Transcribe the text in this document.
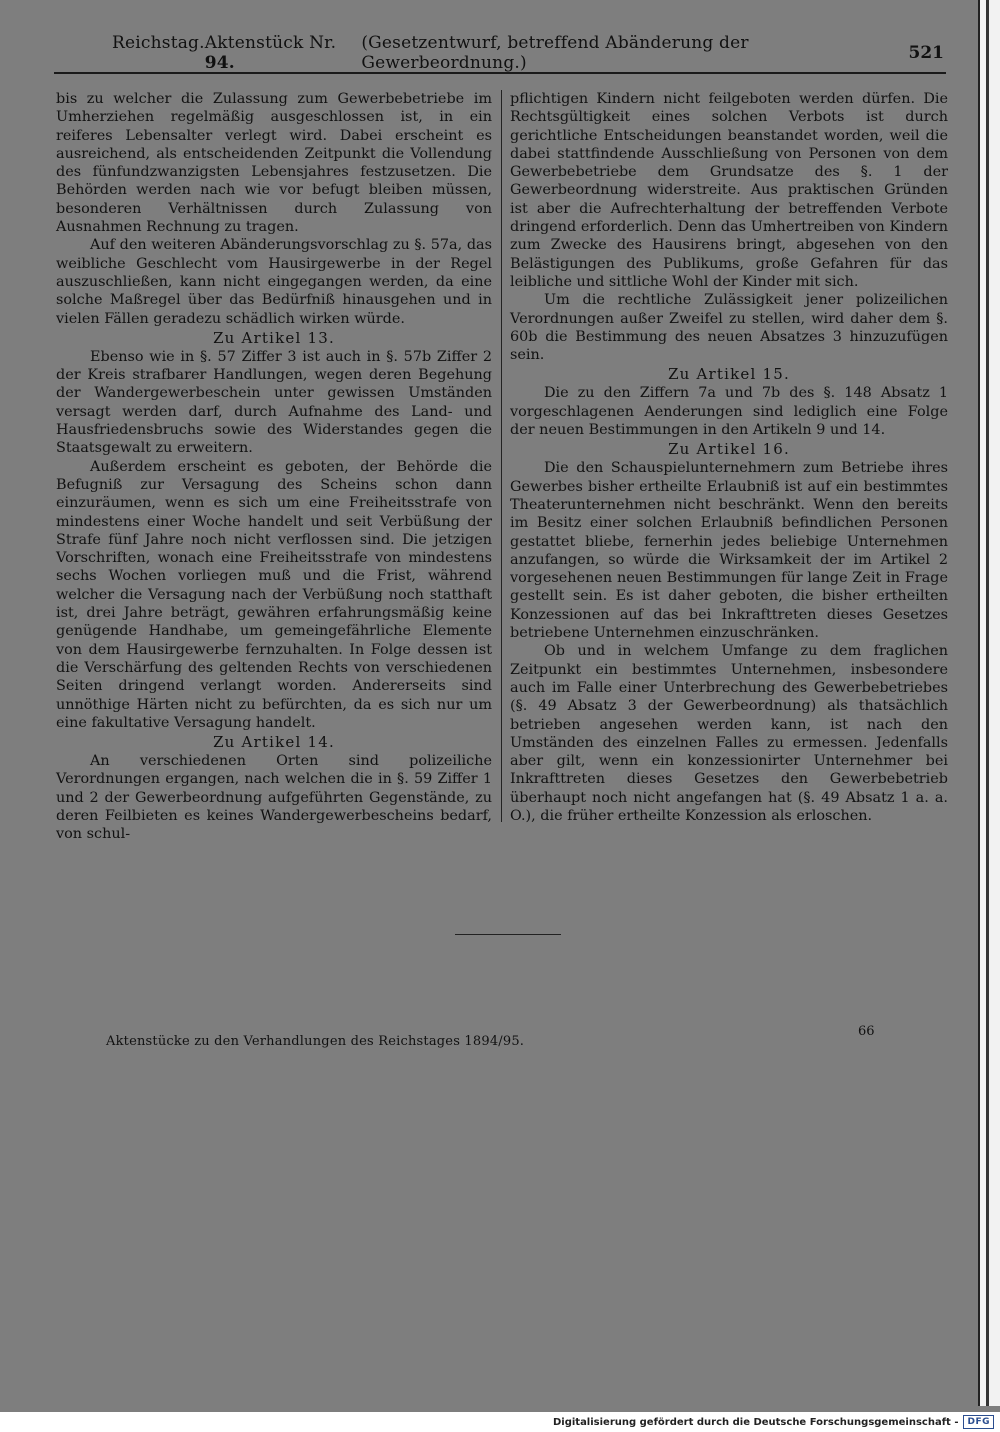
Reichstag. Aktenstück Nr. 94.
(Gesetzentwurf, betreffend Abänderung der Gewerbeordnung.)	521

bis zu welcher die Zulassung zum Gewerbebetriebe im Umherziehen regelmäßig ausgeschlossen ist, in ein reiferes Lebensalter verlegt wird. Dabei erscheint es ausreichend, als entscheidenden Zeitpunkt die Vollendung des fünfundzwanzigsten Lebensjahres festzusetzen. Die Behörden werden nach wie vor befugt bleiben müssen, besonderen Verhältnissen durch Zulassung von Ausnahmen Rechnung zu tragen.

Auf den weiteren Abänderungsvorschlag zu §. 57a, das weibliche Geschlecht vom Hausirgewerbe in der Regel auszuschließen, kann nicht eingegangen werden, da eine solche Maßregel über das Bedürfniß hinausgehen und in vielen Fällen geradezu schädlich wirken würde.

Zu Artikel 13.

Ebenso wie in §. 57 Ziffer 3 ist auch in §. 57b Ziffer 2 der Kreis strafbarer Handlungen, wegen deren Begehung der Wandergewerbeschein unter gewissen Umständen versagt werden darf, durch Aufnahme des Land- und Hausfriedensbruchs sowie des Widerstandes gegen die Staatsgewalt zu erweitern.

Außerdem erscheint es geboten, der Behörde die Befugniß zur Versagung des Scheins schon dann einzuräumen, wenn es sich um eine Freiheitsstrafe von mindestens einer Woche handelt und seit Verbüßung der Strafe fünf Jahre noch nicht verflossen sind. Die jetzigen Vorschriften, wonach eine Freiheitsstrafe von mindestens sechs Wochen vorliegen muß und die Frist, während welcher die Versagung nach der Verbüßung noch statthaft ist, drei Jahre beträgt, gewähren erfahrungsmäßig keine genügende Handhabe, um gemeingefährliche Elemente von dem Hausirgewerbe fernzuhalten. In Folge dessen ist die Verschärfung des geltenden Rechts von verschiedenen Seiten dringend verlangt worden. Andererseits sind unnöthige Härten nicht zu befürchten, da es sich nur um eine fakultative Versagung handelt.

Zu Artikel 14.

An verschiedenen Orten sind polizeiliche Verordnungen ergangen, nach welchen die in §. 59 Ziffer 1 und 2 der Gewerbeordnung aufgeführten Gegenstände, zu deren Feilbieten es keines Wandergewerbescheins bedarf, von schul-

pflichtigen Kindern nicht feilgeboten werden dürfen. Die Rechtsgültigkeit eines solchen Verbots ist durch gerichtliche Entscheidungen beanstandet worden, weil die dabei stattfindende Ausschließung von Personen von dem Gewerbebetriebe dem Grundsatze des §. 1 der Gewerbeordnung widerstreite. Aus praktischen Gründen ist aber die Aufrechterhaltung der betreffenden Verbote dringend erforderlich. Denn das Umhertreiben von Kindern zum Zwecke des Hausirens bringt, abgesehen von den Belästigungen des Publikums, große Gefahren für das leibliche und sittliche Wohl der Kinder mit sich.

Um die rechtliche Zulässigkeit jener polizeilichen Verordnungen außer Zweifel zu stellen, wird daher dem §. 60b die Bestimmung des neuen Absatzes 3 hinzuzufügen sein.

Zu Artikel 15.

Die zu den Ziffern 7a und 7b des §. 148 Absatz 1 vorgeschlagenen Aenderungen sind lediglich eine Folge der neuen Bestimmungen in den Artikeln 9 und 14.

Zu Artikel 16.

Die den Schauspielunternehmern zum Betriebe ihres Gewerbes bisher ertheilte Erlaubniß ist auf ein bestimmtes Theaterunternehmen nicht beschränkt. Wenn den bereits im Besitz einer solchen Erlaubniß befindlichen Personen gestattet bliebe, fernerhin jedes beliebige Unternehmen anzufangen, so würde die Wirksamkeit der im Artikel 2 vorgesehenen neuen Bestimmungen für lange Zeit in Frage gestellt sein. Es ist daher geboten, die bisher ertheilten Konzessionen auf das bei Inkrafttreten dieses Gesetzes betriebene Unternehmen einzuschränken.

Ob und in welchem Umfange zu dem fraglichen Zeitpunkt ein bestimmtes Unternehmen, insbesondere auch im Falle einer Unterbrechung des Gewerbebetriebes (§. 49 Absatz 3 der Gewerbeordnung) als thatsächlich betrieben angesehen werden kann, ist nach den Umständen des einzelnen Falles zu ermessen. Jedenfalls aber gilt, wenn ein konzessionirter Unternehmer bei Inkrafttreten dieses Gesetzes den Gewerbebetrieb überhaupt noch nicht angefangen hat (§. 49 Absatz 1 a. a. O.), die früher ertheilte Konzession als erloschen.

Aktenstücke zu den Verhandlungen des Reichstages 1894/95.
66
Digitalisierung gefördert durch die Deutsche Forschungsgemeinschaft -	DFG
